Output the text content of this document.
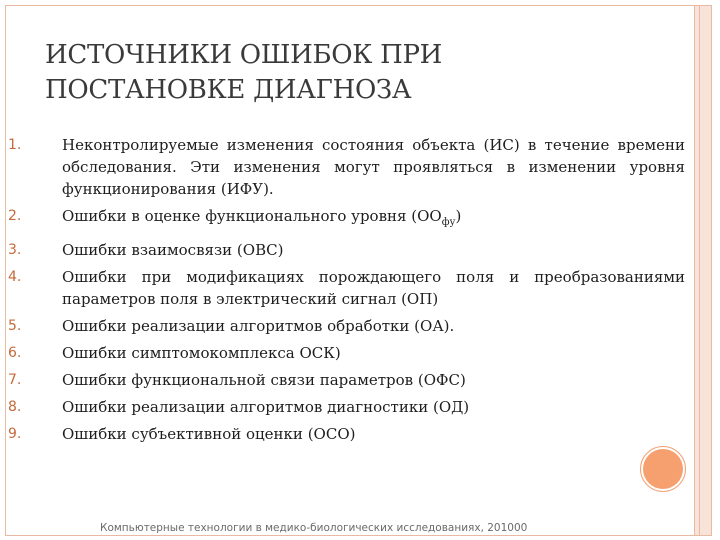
ИСТОЧНИКИ ОШИБОК ПРИ
ПОСТАНОВКЕ ДИАГНОЗА
1.	Неконтролируемые изменения состояния объекта (ИС) в течение времени обследования. Эти изменения могут проявляться в изменении уровня функционирования (ИФУ).
2.	Ошибки в оценке функционального уровня $(ОО_{фу})$
3.	Ошибки взаимосвязи (ОВС)
4.	Ошибки при модификациях порождающего поля и преобразованиями параметров поля в электрический сигнал (ОП)
5.	Ошибки реализации алгоритмов обработки (ОА).
6.	Ошибки симптомокомплекса ОСК)
7.	Ошибки функциональной связи параметров (ОФС)
8.	Ошибки реализации алгоритмов диагностики (ОД)
9.	Ошибки субъективной оценки (ОСО)
Компьютерные технологии в медико-биологических исследованиях, 201000
